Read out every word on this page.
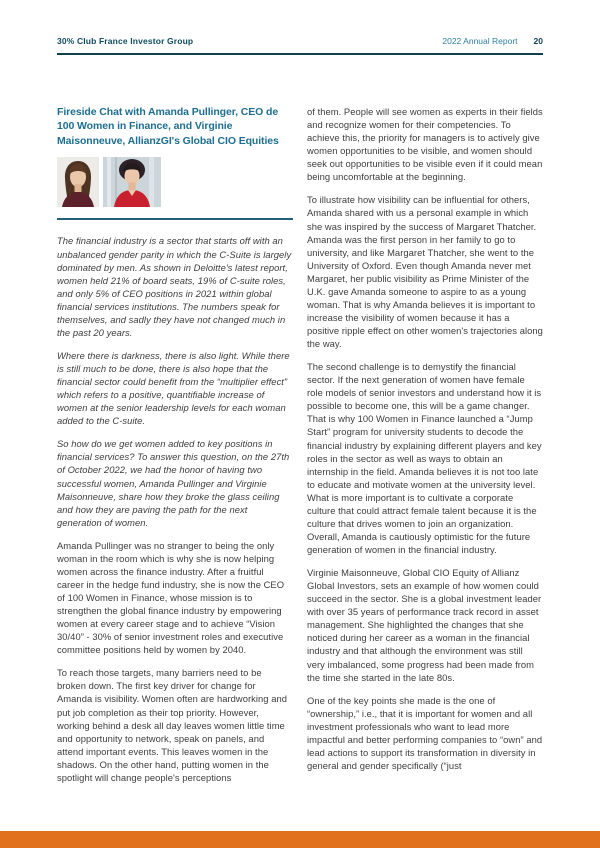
30% Club France Investor Group	2022 Annual Report 20
Fireside Chat with Amanda Pullinger, CEO de 100 Women in Finance, and Virginie Maisonneuve, AllianzGI's Global CIO Equities

The financial industry is a sector that starts off with an unbalanced gender parity in which the C-Suite is largely dominated by men. As shown in Deloitte's latest report, women held 21% of board seats, 19% of C-suite roles, and only 5% of CEO positions in 2021 within global financial services institutions. The numbers speak for themselves, and sadly they have not changed much in the past 20 years.

Where there is darkness, there is also light. While there is still much to be done, there is also hope that the financial sector could benefit from the “multiplier effect” which refers to a positive, quantifiable increase of women at the senior leadership levels for each woman added to the C-suite.

So how do we get women added to key positions in financial services? To answer this question, on the 27th of October 2022, we had the honor of having two successful women, Amanda Pullinger and Virginie Maisonneuve, share how they broke the glass ceiling and how they are paving the path for the next generation of women.

Amanda Pullinger was no stranger to being the only woman in the room which is why she is now helping women across the finance industry. After a fruitful career in the hedge fund industry, she is now the CEO of 100 Women in Finance, whose mission is to strengthen the global finance industry by empowering women at every career stage and to achieve “Vision 30/40” - 30% of senior investment roles and executive committee positions held by women by 2040.

To reach those targets, many barriers need to be broken down. The first key driver for change for Amanda is visibility. Women often are hardworking and put job completion as their top priority. However, working behind a desk all day leaves women little time and opportunity to network, speak on panels, and attend important events. This leaves women in the shadows. On the other hand, putting women in the spotlight will change people's perceptions

of them. People will see women as experts in their fields and recognize women for their competencies. To achieve this, the priority for managers is to actively give women opportunities to be visible, and women should seek out opportunities to be visible even if it could mean being uncomfortable at the beginning.

To illustrate how visibility can be influential for others, Amanda shared with us a personal example in which she was inspired by the success of Margaret Thatcher. Amanda was the first person in her family to go to university, and like Margaret Thatcher, she went to the University of Oxford. Even though Amanda never met Margaret, her public visibility as Prime Minister of the U.K. gave Amanda someone to aspire to as a young woman. That is why Amanda believes it is important to increase the visibility of women because it has a positive ripple effect on other women's trajectories along the way.

The second challenge is to demystify the financial sector. If the next generation of women have female role models of senior investors and understand how it is possible to become one, this will be a game changer. That is why 100 Women in Finance launched a “Jump Start” program for university students to decode the financial industry by explaining different players and key roles in the sector as well as ways to obtain an internship in the field. Amanda believes it is not too late to educate and motivate women at the university level. What is more important is to cultivate a corporate culture that could attract female talent because it is the culture that drives women to join an organization. Overall, Amanda is cautiously optimistic for the future generation of women in the financial industry.

Virginie Maisonneuve, Global CIO Equity of Allianz Global Investors, sets an example of how women could succeed in the sector. She is a global investment leader with over 35 years of performance track record in asset management. She highlighted the changes that she noticed during her career as a woman in the financial industry and that although the environment was still very imbalanced, some progress had been made from the time she started in the late 80s.

One of the key points she made is the one of “ownership,” i.e., that it is important for women and all investment professionals who want to lead more impactful and better performing companies to “own” and lead actions to support its transformation in diversity in general and gender specifically (“just
